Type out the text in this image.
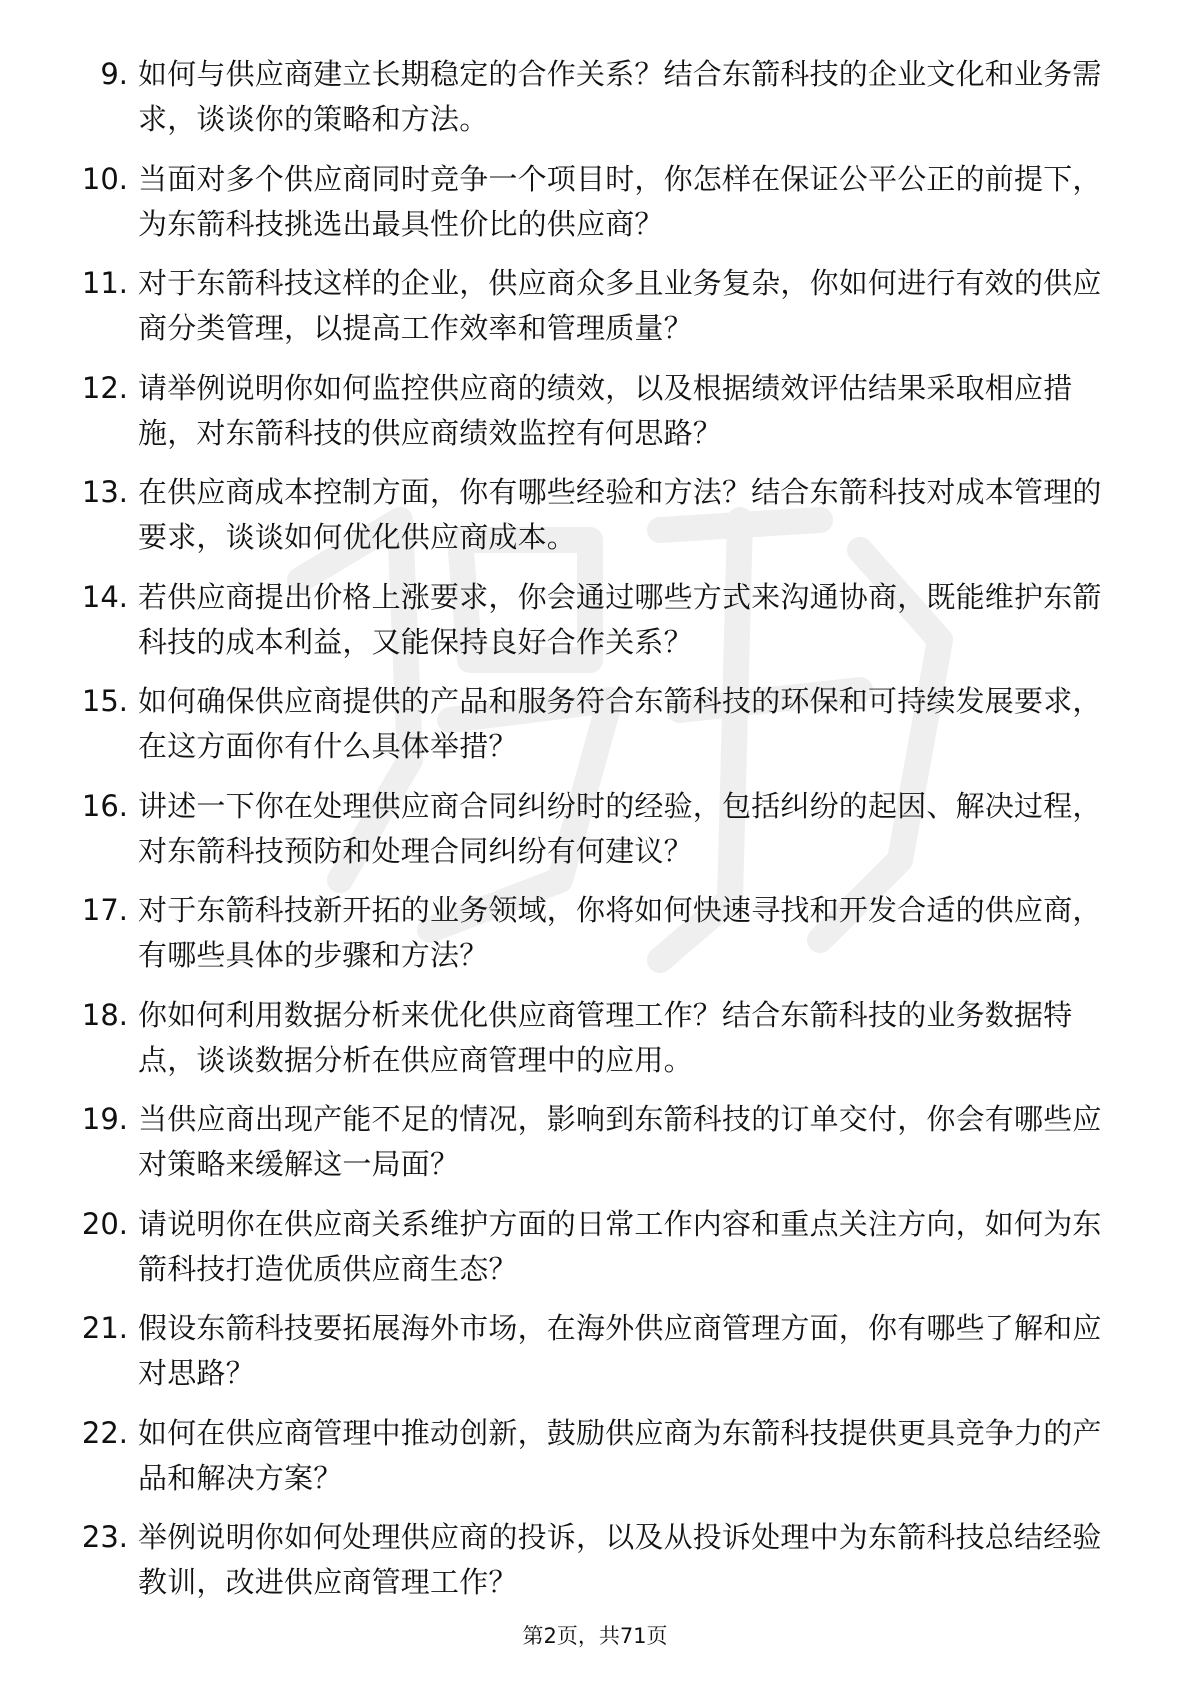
9. 如何与供应商建立长期稳定的合作关系？结合东箭科技的企业文化和业务需求，谈谈你的策略和方法。
10. 当面对多个供应商同时竞争一个项目时，你怎样在保证公平公正的前提下，为东箭科技挑选出最具性价比的供应商？
11. 对于东箭科技这样的企业，供应商众多且业务复杂，你如何进行有效的供应商分类管理，以提高工作效率和管理质量？
12. 请举例说明你如何监控供应商的绩效，以及根据绩效评估结果采取相应措施，对东箭科技的供应商绩效监控有何思路？
13. 在供应商成本控制方面，你有哪些经验和方法？结合东箭科技对成本管理的要求，谈谈如何优化供应商成本。
14. 若供应商提出价格上涨要求，你会通过哪些方式来沟通协商，既能维护东箭科技的成本利益，又能保持良好合作关系？
15. 如何确保供应商提供的产品和服务符合东箭科技的环保和可持续发展要求，在这方面你有什么具体举措？
16. 讲述一下你在处理供应商合同纠纷时的经验，包括纠纷的起因、解决过程，对东箭科技预防和处理合同纠纷有何建议？
17. 对于东箭科技新开拓的业务领域，你将如何快速寻找和开发合适的供应商，有哪些具体的步骤和方法？
18. 你如何利用数据分析来优化供应商管理工作？结合东箭科技的业务数据特点，谈谈数据分析在供应商管理中的应用。
19. 当供应商出现产能不足的情况，影响到东箭科技的订单交付，你会有哪些应对策略来缓解这一局面？
20. 请说明你在供应商关系维护方面的日常工作内容和重点关注方向，如何为东箭科技打造优质供应商生态？
21. 假设东箭科技要拓展海外市场，在海外供应商管理方面，你有哪些了解和应对思路？
22. 如何在供应商管理中推动创新，鼓励供应商为东箭科技提供更具竞争力的产品和解决方案？
23. 举例说明你如何处理供应商的投诉，以及从投诉处理中为东箭科技总结经验教训，改进供应商管理工作？
第2页，共71页
